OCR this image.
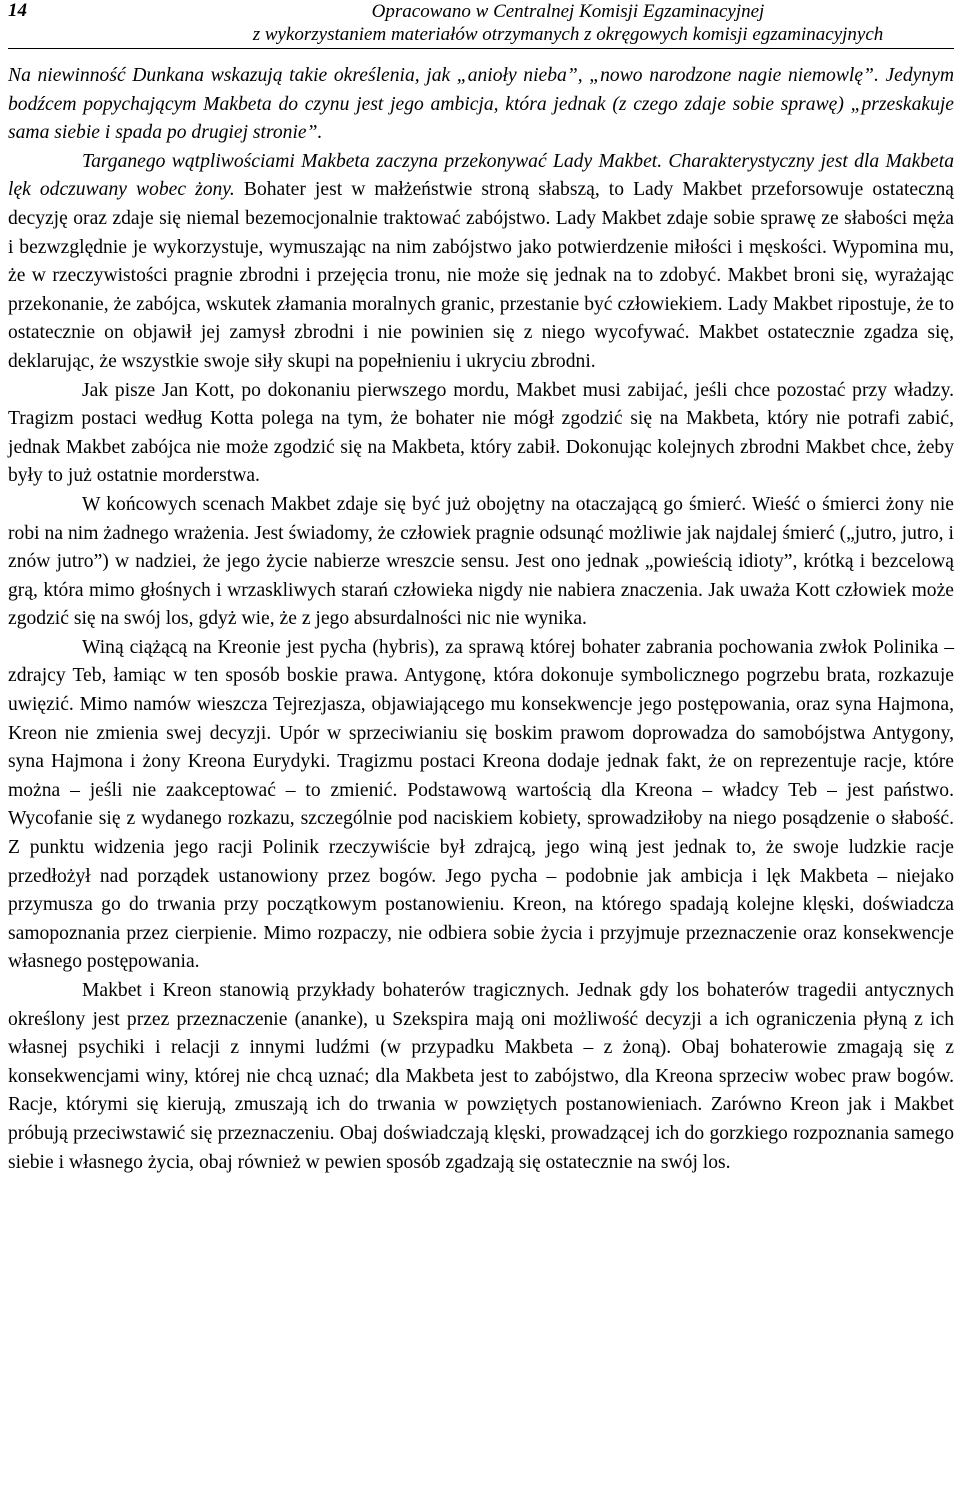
14	Opracowano w Centralnej Komisji Egzaminacyjnej
z wykorzystaniem materiałów otrzymanych z okręgowych komisji egzaminacyjnych

Na niewinność Dunkana wskazują takie określenia, jak „anioły nieba”, „nowo narodzone nagie niemowlę”. Jedynym bodźcem popychającym Makbeta do czynu jest jego ambicja, która jednak (z czego zdaje sobie sprawę) „przeskakuje sama siebie i spada po drugiej stronie”.

Targanego wątpliwościami Makbeta zaczyna przekonywać Lady Makbet. Charakterystyczny jest dla Makbeta lęk odczuwany wobec żony. Bohater jest w małżeństwie stroną słabszą, to Lady Makbet przeforsowuje ostateczną decyzję oraz zdaje się niemal bezemocjonalnie traktować zabójstwo. Lady Makbet zdaje sobie sprawę ze słabości męża i bezwzględnie je wykorzystuje, wymuszając na nim zabójstwo jako potwierdzenie miłości i męskości. Wypomina mu, że w rzeczywistości pragnie zbrodni i przejęcia tronu, nie może się jednak na to zdobyć. Makbet broni się, wyrażając przekonanie, że zabójca, wskutek złamania moralnych granic, przestanie być człowiekiem. Lady Makbet ripostuje, że to ostatecznie on objawił jej zamysł zbrodni i nie powinien się z niego wycofywać. Makbet ostatecznie zgadza się, deklarując, że wszystkie swoje siły skupi na popełnieniu i ukryciu zbrodni.

Jak pisze Jan Kott, po dokonaniu pierwszego mordu, Makbet musi zabijać, jeśli chce pozostać przy władzy. Tragizm postaci według Kotta polega na tym, że bohater nie mógł zgodzić się na Makbeta, który nie potrafi zabić, jednak Makbet zabójca nie może zgodzić się na Makbeta, który zabił. Dokonując kolejnych zbrodni Makbet chce, żeby były to już ostatnie morderstwa.

W końcowych scenach Makbet zdaje się być już obojętny na otaczającą go śmierć. Wieść o śmierci żony nie robi na nim żadnego wrażenia. Jest świadomy, że człowiek pragnie odsunąć możliwie jak najdalej śmierć („jutro, jutro, i znów jutro”) w nadziei, że jego życie nabierze wreszcie sensu. Jest ono jednak „powieścią idioty”, krótką i bezcelową grą, która mimo głośnych i wrzaskliwych starań człowieka nigdy nie nabiera znaczenia. Jak uważa Kott człowiek może zgodzić się na swój los, gdyż wie, że z jego absurdalności nic nie wynika.

Winą ciążącą na Kreonie jest pycha (hybris), za sprawą której bohater zabrania pochowania zwłok Polinika – zdrajcy Teb, łamiąc w ten sposób boskie prawa. Antygonę, która dokonuje symbolicznego pogrzebu brata, rozkazuje uwięzić. Mimo namów wieszcza Tejrezjasza, objawiającego mu konsekwencje jego postępowania, oraz syna Hajmona, Kreon nie zmienia swej decyzji. Upór w sprzeciwianiu się boskim prawom doprowadza do samobójstwa Antygony, syna Hajmona i żony Kreona Eurydyki. Tragizmu postaci Kreona dodaje jednak fakt, że on reprezentuje racje, które można – jeśli nie zaakceptować – to zmienić. Podstawową wartością dla Kreona – władcy Teb – jest państwo. Wycofanie się z wydanego rozkazu, szczególnie pod naciskiem kobiety, sprowadziłoby na niego posądzenie o słabość. Z punktu widzenia jego racji Polinik rzeczywiście był zdrajcą, jego winą jest jednak to, że swoje ludzkie racje przedłożył nad porządek ustanowiony przez bogów. Jego pycha – podobnie jak ambicja i lęk Makbeta – niejako przymusza go do trwania przy początkowym postanowieniu. Kreon, na którego spadają kolejne klęski, doświadcza samopoznania przez cierpienie. Mimo rozpaczy, nie odbiera sobie życia i przyjmuje przeznaczenie oraz konsekwencje własnego postępowania.

Makbet i Kreon stanowią przykłady bohaterów tragicznych. Jednak gdy los bohaterów tragedii antycznych określony jest przez przeznaczenie (ananke), u Szekspira mają oni możliwość decyzji a ich ograniczenia płyną z ich własnej psychiki i relacji z innymi ludźmi (w przypadku Makbeta – z żoną). Obaj bohaterowie zmagają się z konsekwencjami winy, której nie chcą uznać; dla Makbeta jest to zabójstwo, dla Kreona sprzeciw wobec praw bogów. Racje, którymi się kierują, zmuszają ich do trwania w powziętych postanowieniach. Zarówno Kreon jak i Makbet próbują przeciwstawić się przeznaczeniu. Obaj doświadczają klęski, prowadzącej ich do gorzkiego rozpoznania samego siebie i własnego życia, obaj również w pewien sposób zgadzają się ostatecznie na swój los.
